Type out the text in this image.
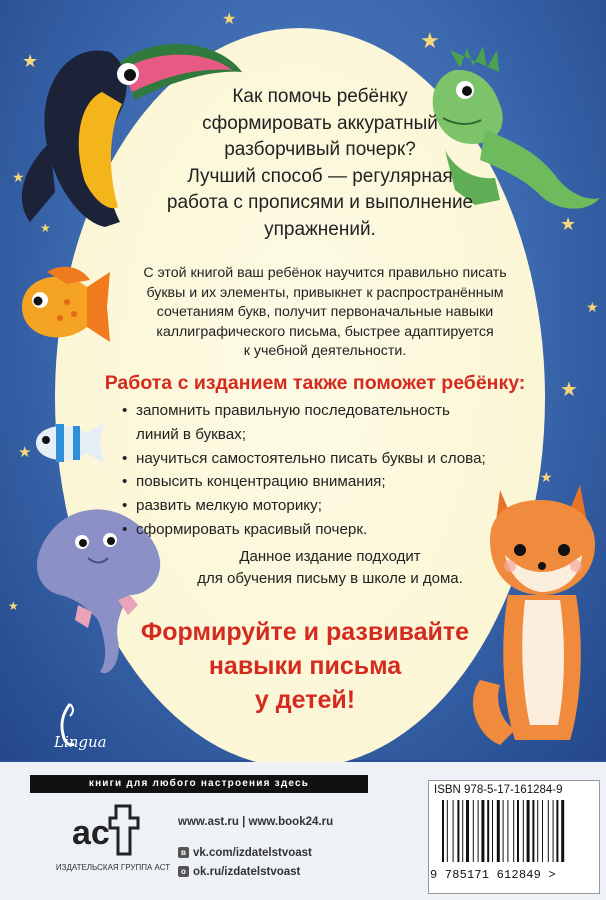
★
★
★
★
★
★
★
★
★
★
★
Как помочь ребёнку
сформировать аккуратный
разборчивый почерк?
Лучший способ — регулярная
работа с прописями и выполнение
упражнений.
С этой книгой ваш ребёнок научится правильно писать
буквы и их элементы, привыкнет к распространённым
сочетаниям букв, получит первоначальные навыки
каллиграфического письма, быстрее адаптируется
к учебной деятельности.
Работа с изданием также поможет ребёнку:
• запомнить правильную последовательность
линий в буквах;
• научиться самостоятельно писать буквы и слова;
• повысить концентрацию внимания;
• развить мелкую моторику;
• сформировать красивый почерк.
Данное издание подходит
для обучения письму в школе и дома.
Формируйте и развивайте
навыки письма
у детей!
Lingua
книги для любого настроения здесь
ac
ИЗДАТЕЛЬСКАЯ ГРУППА АСТ
www.ast.ru | www.book24.ru
в vk.com/izdatelstvoast
о ok.ru/izdatelstvoast
ISBN 978-5-17-161284-9
9 785171 612849 >
